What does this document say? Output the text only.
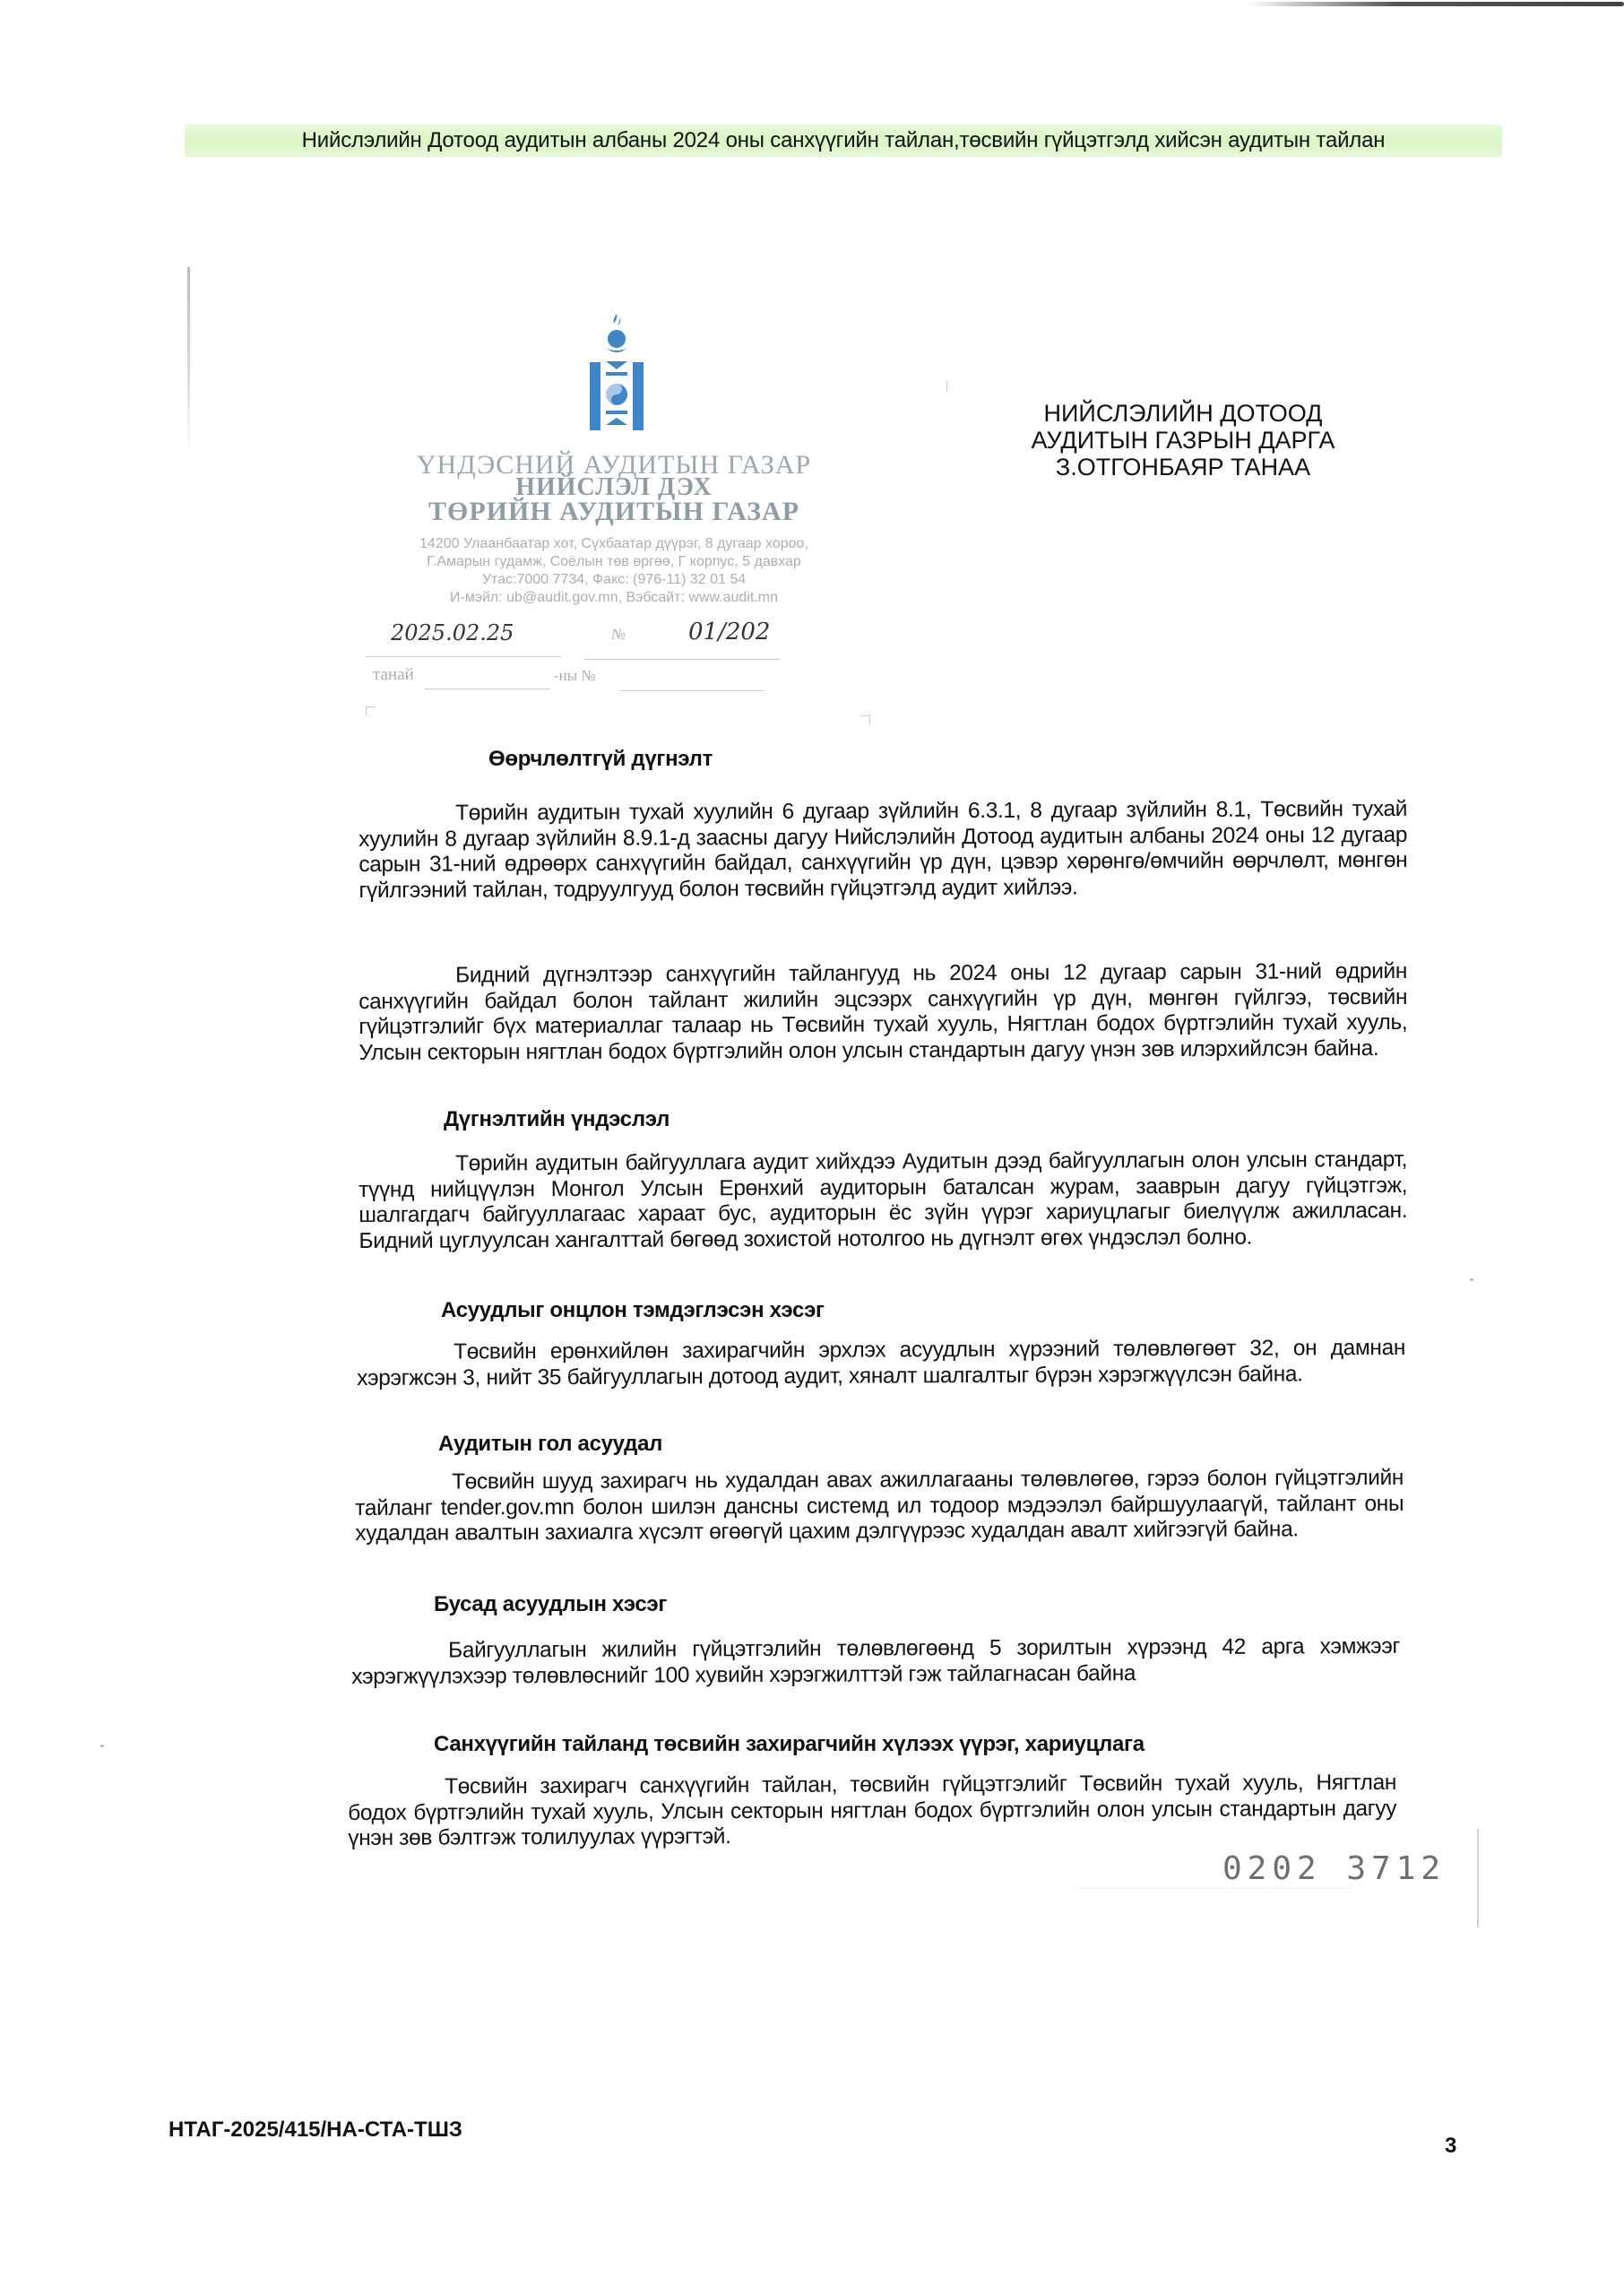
Нийслэлийн Дотоод аудитын албаны 2024 оны санхүүгийн тайлан,төсвийн гүйцэтгэлд хийсэн аудитын тайлан
ҮНДЭСНИЙ АУДИТЫН ГАЗАР
НИЙСЛЭЛ ДЭХ
ТӨРИЙН АУДИТЫН ГАЗАР
14200 Улаанбаатар хот, Сүхбаатар дүүрэг, 8 дугаар хороо,
Г.Амарын гудамж, Соёлын төв өргөө, Г корпус, 5 давхар
Утас:7000 7734, Факс: (976-11) 32 01 54
И-мэйл: ub@audit.gov.mn, Вэбсайт: www.audit.mn
2025.02.25	№	01/202
танай	-ны №
НИЙСЛЭЛИЙН ДОТООД
АУДИТЫН ГАЗРЫН ДАРГА
З.ОТГОНБАЯР ТАНАА
Өөрчлөлтгүй дүгнэлт

Төрийн аудитын тухай хуулийн 6 дугаар зүйлийн 6.3.1, 8 дугаар зүйлийн 8.1, Төсвийн тухай хуулийн 8 дугаар зүйлийн 8.9.1-д заасны дагуу Нийслэлийн Дотоод аудитын албаны 2024 оны 12 дугаар сарын 31-ний өдрөөрх санхүүгийн байдал, санхүүгийн үр дүн, цэвэр хөрөнгө/өмчийн өөрчлөлт, мөнгөн гүйлгээний тайлан, тодруулгууд болон төсвийн гүйцэтгэлд аудит хийлээ.

Бидний дүгнэлтээр санхүүгийн тайлангууд нь 2024 оны 12 дугаар сарын 31-ний өдрийн санхүүгийн байдал болон тайлант жилийн эцсээрх санхүүгийн үр дүн, мөнгөн гүйлгээ, төсвийн гүйцэтгэлийг бүх материаллаг талаар нь Төсвийн тухай хууль, Нягтлан бодох бүртгэлийн тухай хууль, Улсын секторын нягтлан бодох бүртгэлийн олон улсын стандартын дагуу үнэн зөв илэрхийлсэн байна.

Дүгнэлтийн үндэслэл

Төрийн аудитын байгууллага аудит хийхдээ Аудитын дээд байгууллагын олон улсын стандарт, түүнд нийцүүлэн Монгол Улсын Ерөнхий аудиторын баталсан журам, зааврын дагуу гүйцэтгэж, шалгагдагч байгууллагаас хараат бус, аудиторын ёс зүйн үүрэг хариуцлагыг биелүүлж ажилласан. Бидний цуглуулсан хангалттай бөгөөд зохистой нотолгоо нь дүгнэлт өгөх үндэслэл болно.

Асуудлыг онцлон тэмдэглэсэн хэсэг

Төсвийн ерөнхийлөн захирагчийн эрхлэх асуудлын хүрээний төлөвлөгөөт 32, он дамнан хэрэгжсэн 3, нийт 35 байгууллагын дотоод аудит, хяналт шалгалтыг бүрэн хэрэгжүүлсэн байна.

Аудитын гол асуудал

Төсвийн шууд захирагч нь худалдан авах ажиллагааны төлөвлөгөө, гэрээ болон гүйцэтгэлийн тайланг tender.gov.mn болон шилэн дансны системд ил тодоор мэдээлэл байршуулаагүй, тайлант оны худалдан авалтын захиалга хүсэлт өгөөгүй цахим дэлгүүрээс худалдан авалт хийгээгүй байна.

Бусад асуудлын хэсэг

Байгууллагын жилийн гүйцэтгэлийн төлөвлөгөөнд 5 зорилтын хүрээнд 42 арга хэмжээг хэрэгжүүлэхээр төлөвлөснийг 100 хувийн хэрэгжилттэй гэж тайлагнасан байна

Санхүүгийн тайланд төсвийн захирагчийн хүлээх үүрэг, хариуцлага

Төсвийн захирагч санхүүгийн тайлан, төсвийн гүйцэтгэлийг Төсвийн тухай хууль, Нягтлан бодох бүртгэлийн тухай хууль, Улсын секторын нягтлан бодох бүртгэлийн олон улсын стандартын дагуу үнэн зөв бэлтгэж толилуулах үүрэгтэй.

0202 3712
· · · · · · · · · · · · · · · · · · · · · · · · · · · · · · · · · · · · · · · · · · · · · · · · · · · · · · · · · · · · · · · · · · · · · · · · · · · ·
НТАГ-2025/415/НА-СТА-ТШЗ
3
